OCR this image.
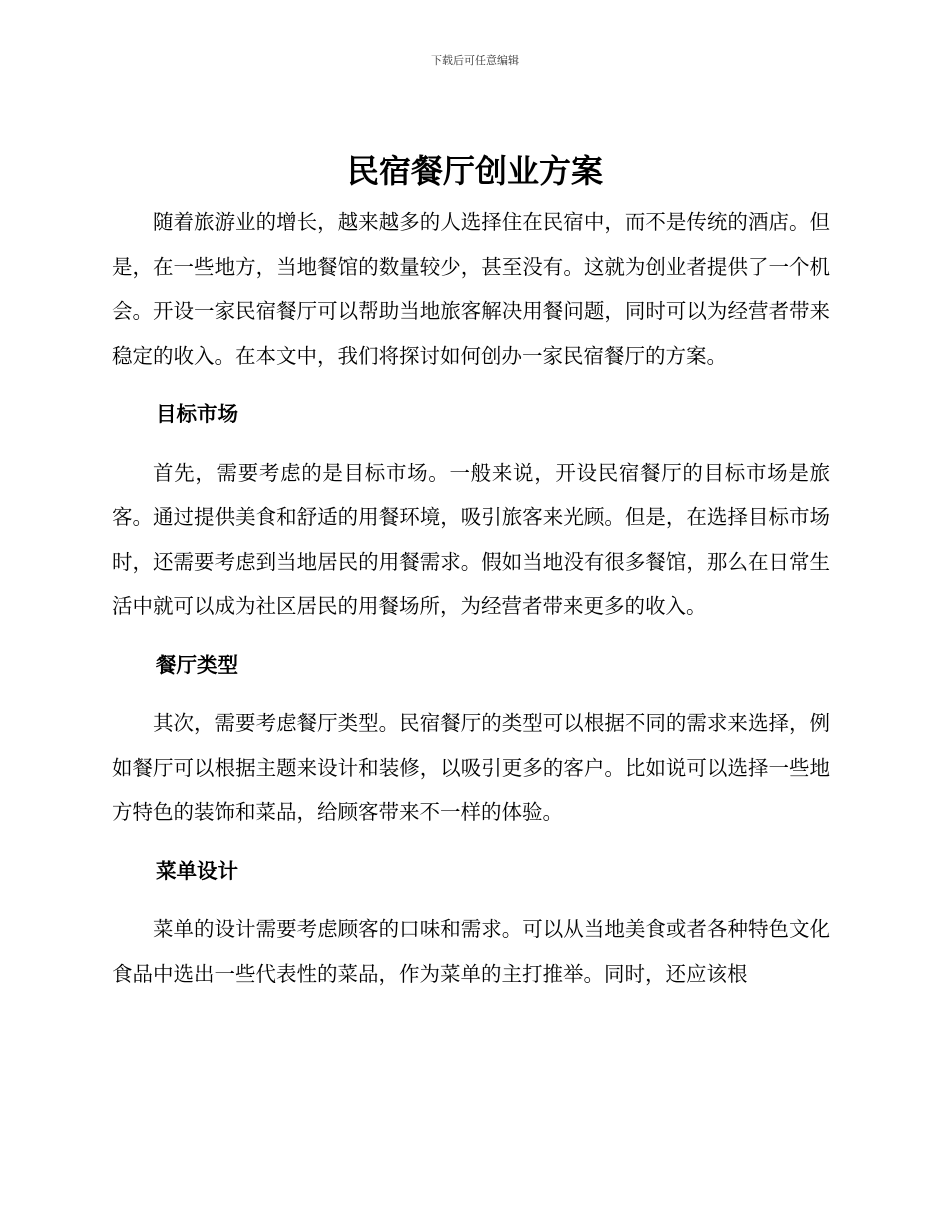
下载后可任意编辑
民宿餐厅创业方案

随着旅游业的增长，越来越多的人选择住在民宿中，而不是传统的酒店。但是，在一些地方，当地餐馆的数量较少，甚至没有。这就为创业者提供了一个机会。开设一家民宿餐厅可以帮助当地旅客解决用餐问题，同时可以为经营者带来稳定的收入。在本文中，我们将探讨如何创办一家民宿餐厅的方案。

目标市场

首先，需要考虑的是目标市场。一般来说，开设民宿餐厅的目标市场是旅客。通过提供美食和舒适的用餐环境，吸引旅客来光顾。但是，在选择目标市场时，还需要考虑到当地居民的用餐需求。假如当地没有很多餐馆，那么在日常生活中就可以成为社区居民的用餐场所，为经营者带来更多的收入。

餐厅类型

其次，需要考虑餐厅类型。民宿餐厅的类型可以根据不同的需求来选择，例如餐厅可以根据主题来设计和装修，以吸引更多的客户。比如说可以选择一些地方特色的装饰和菜品，给顾客带来不一样的体验。

菜单设计

菜单的设计需要考虑顾客的口味和需求。可以从当地美食或者各种特色文化食品中选出一些代表性的菜品，作为菜单的主打推举。同时，还应该根
